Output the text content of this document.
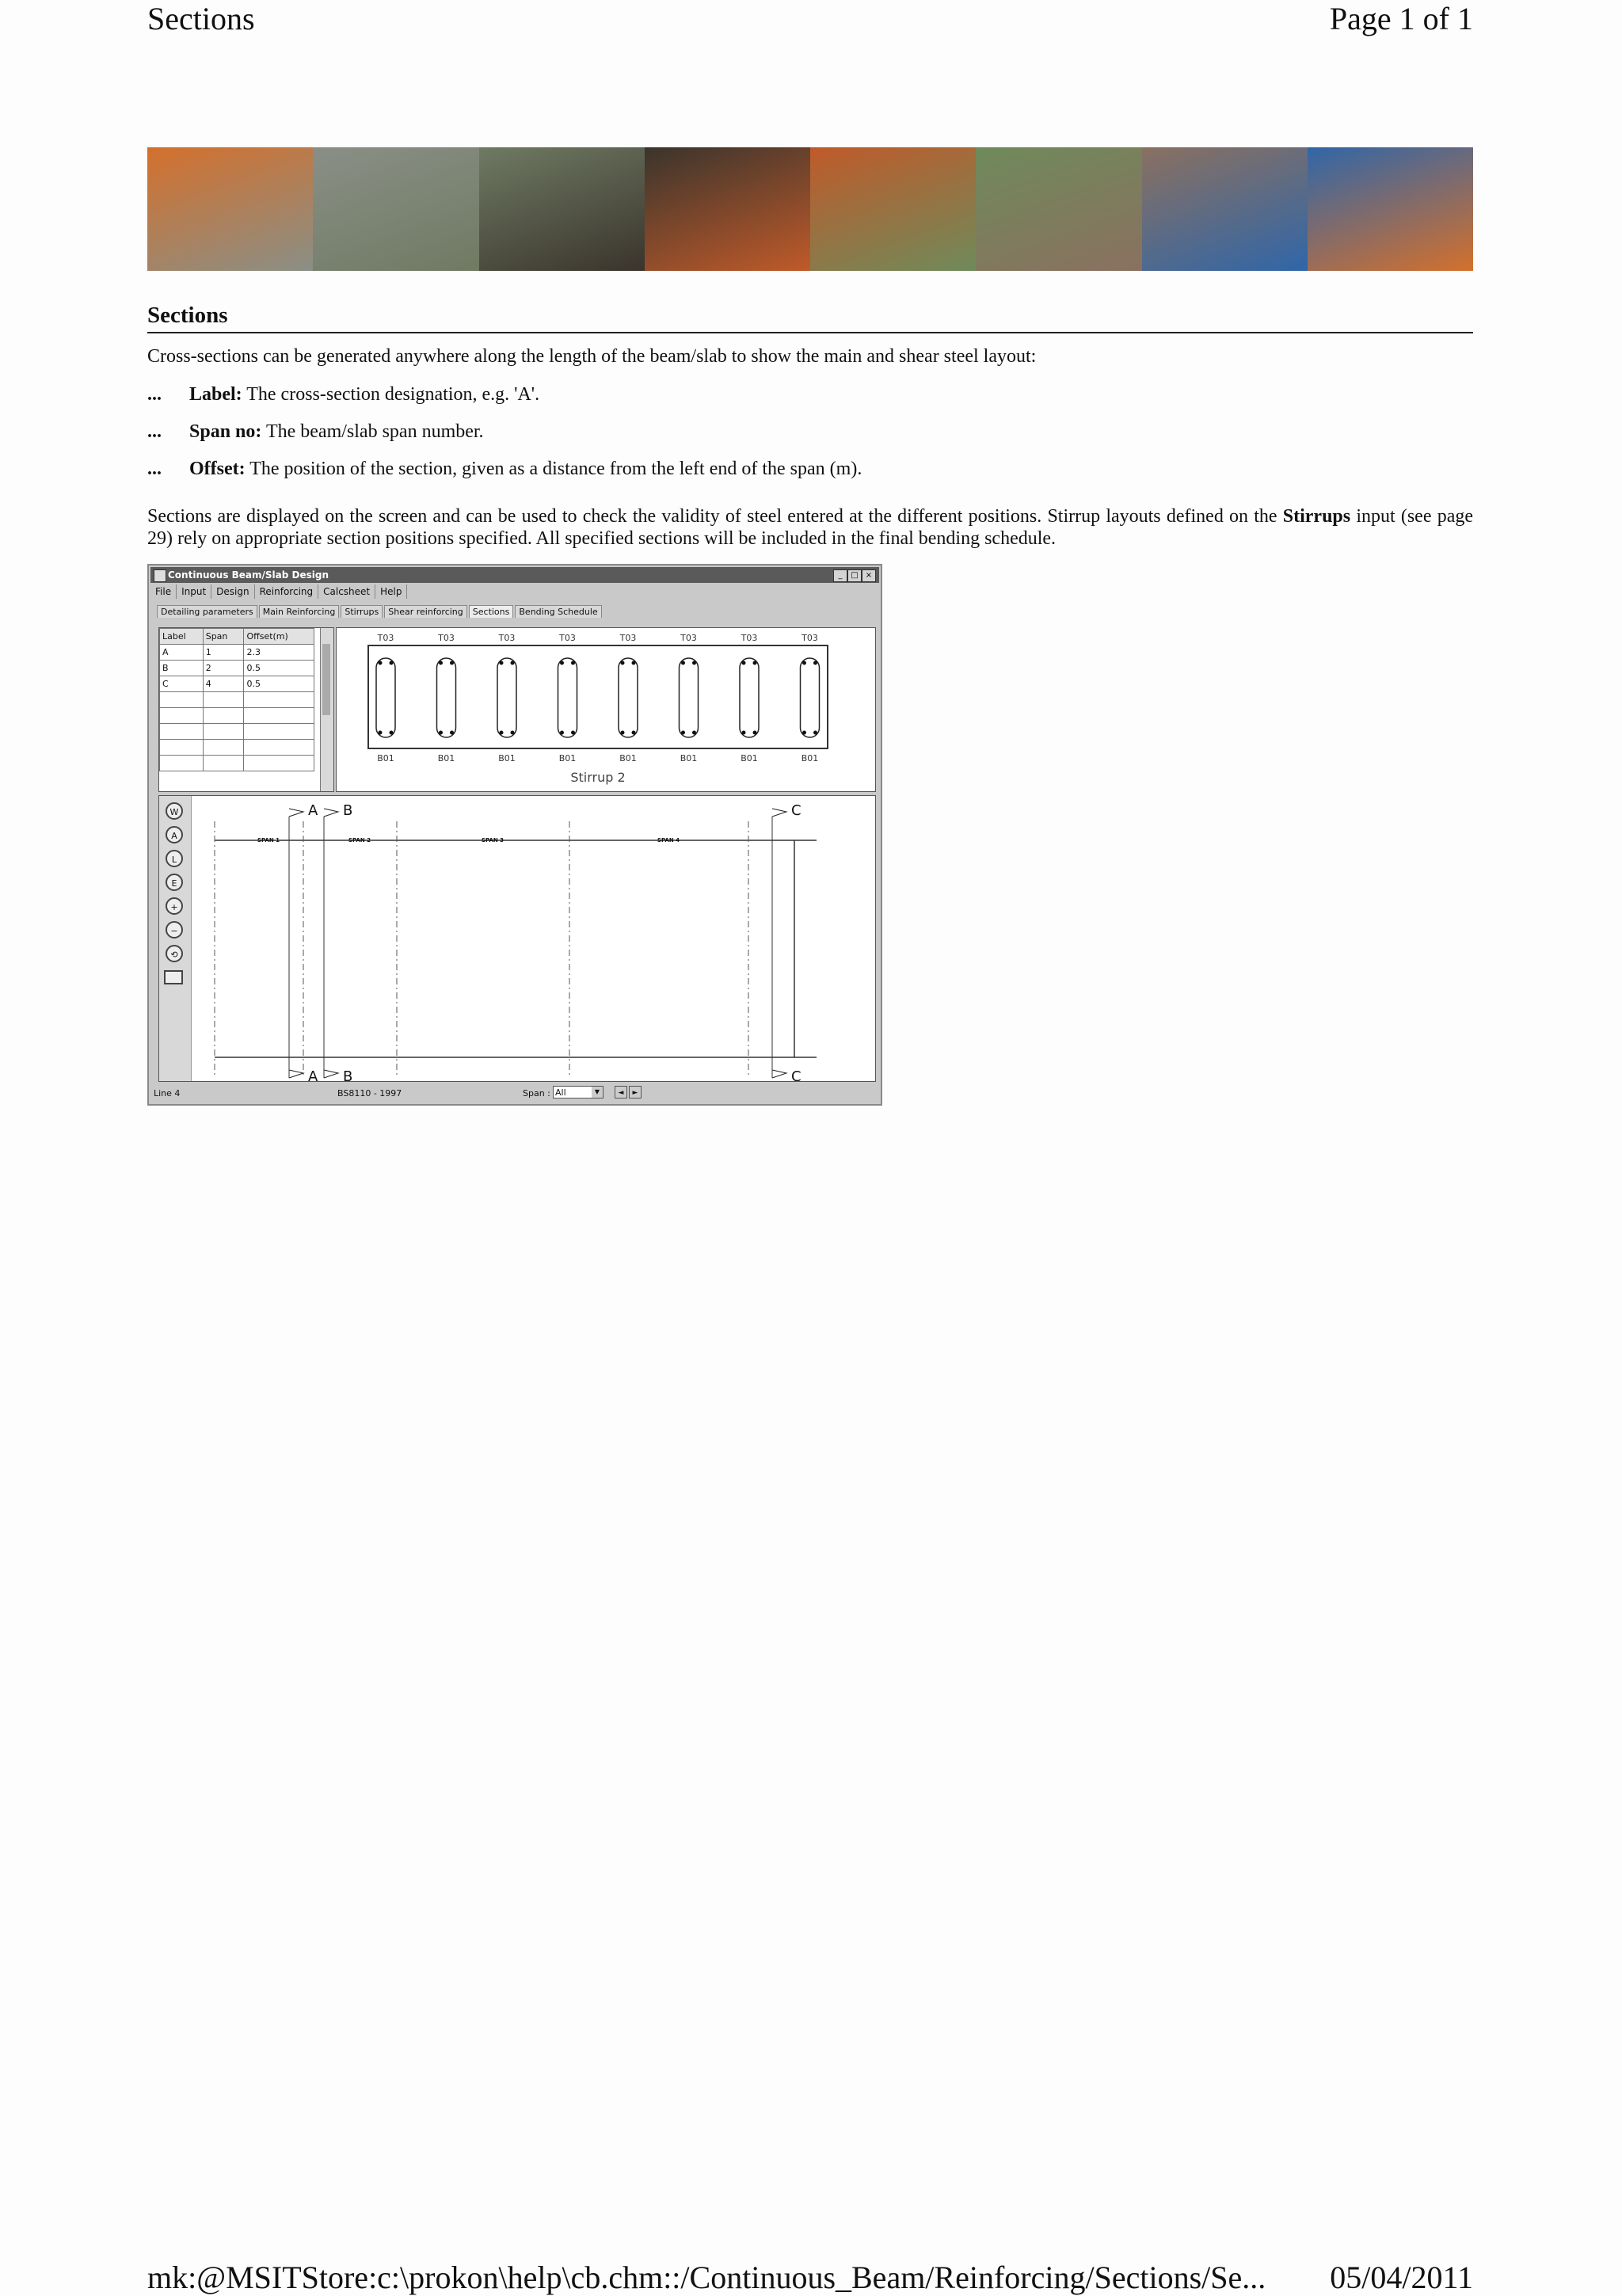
Sections	Page 1 of 1
Sections
Cross-sections can be generated anywhere along the length of the beam/slab to show the main and shear steel layout:
... Label: The cross-section designation, e.g. 'A'.
... Span no: The beam/slab span number.
... Offset: The position of the section, given as a distance from the left end of the span (m).
Sections are displayed on the screen and can be used to check the validity of steel entered at the different positions. Stirrup layouts defined on the Stirrups input (see page 29) rely on appropriate section positions specified. All specified sections will be included in the final bending schedule.
Continuous Beam/Slab Design	_	□ ×
File Input Design Reinforcing Calcsheet Help
Detailing parameters Main Reinforcing Stirrups Shear reinforcing Sections Bending Schedule
Label	Span	Offset(m)
A	1	2.3
B	2	0.5
C	4	0.5

T03
B01
T03
B01
T03
B01
T03
B01
T03
B01
T03
B01
T03
B01
T03
B01
Stirrup 2
W
A
L
E
+
−
⟲
SPAN 1	SPAN 2	SPAN 3	SPAN 4
A
A
B
B
C
C
Line 4	BS8110 - 1997	Span : All	▼	◄	►
mk:@MSITStore:c:\prokon\help\cb.chm::/Continuous_Beam/Reinforcing/Sections/Se... 05/04/2011
